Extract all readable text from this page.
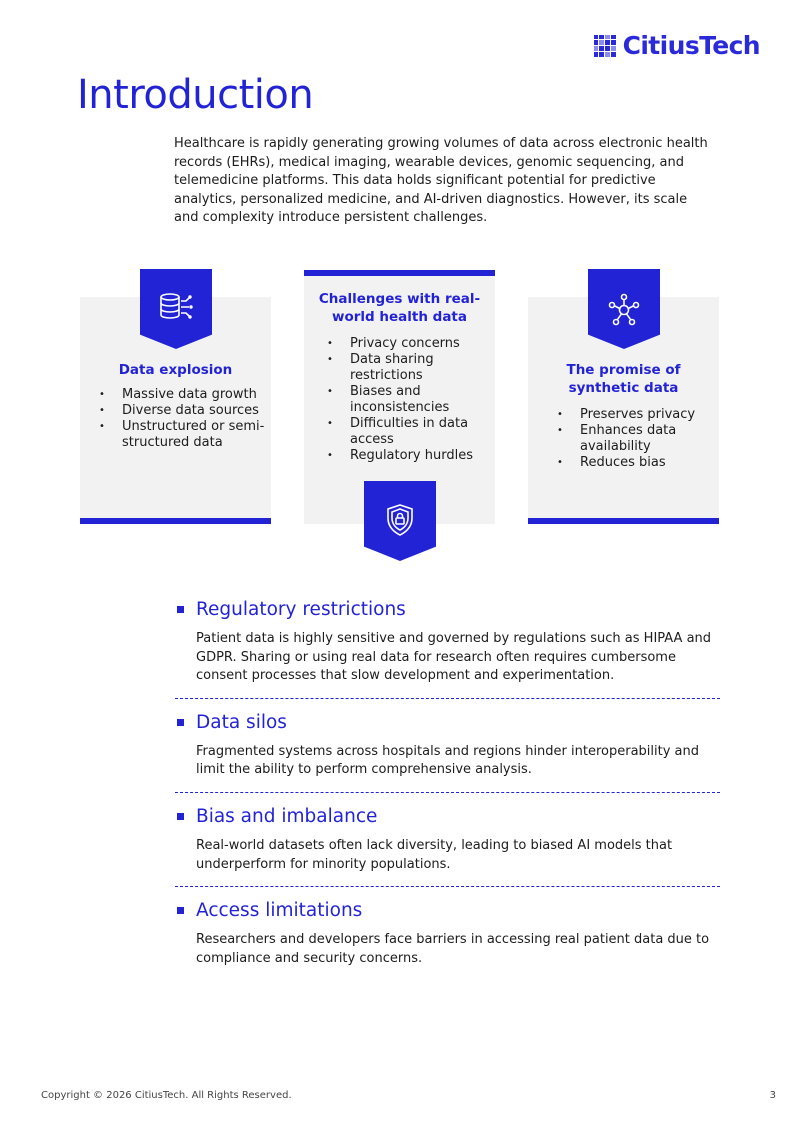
CitiusTech
Introduction

Healthcare is rapidly generating growing volumes of data across electronic health records (EHRs), medical imaging, wearable devices, genomic sequencing, and telemedicine platforms. This data holds significant potential for predictive analytics, personalized medicine, and AI-driven diagnostics. However, its scale and complexity introduce persistent challenges.

Data explosion
• Massive data growth
• Diverse data sources
• Unstructured or semi-structured data
Challenges with real-world health data
• Privacy concerns
• Data sharing restrictions
• Biases and inconsistencies
• Difficulties in data access
• Regulatory hurdles
The promise of synthetic data
• Preserves privacy
• Enhances data availability
• Reduces bias
Regulatory restrictions

Patient data is highly sensitive and governed by regulations such as HIPAA and GDPR. Sharing or using real data for research often requires cumbersome consent processes that slow development and experimentation.

Data silos

Fragmented systems across hospitals and regions hinder interoperability and limit the ability to perform comprehensive analysis.

Bias and imbalance

Real-world datasets often lack diversity, leading to biased AI models that underperform for minority populations.

Access limitations

Researchers and developers face barriers in accessing real patient data due to compliance and security concerns.

Copyright © 2026 CitiusTech. All Rights Reserved.	3
